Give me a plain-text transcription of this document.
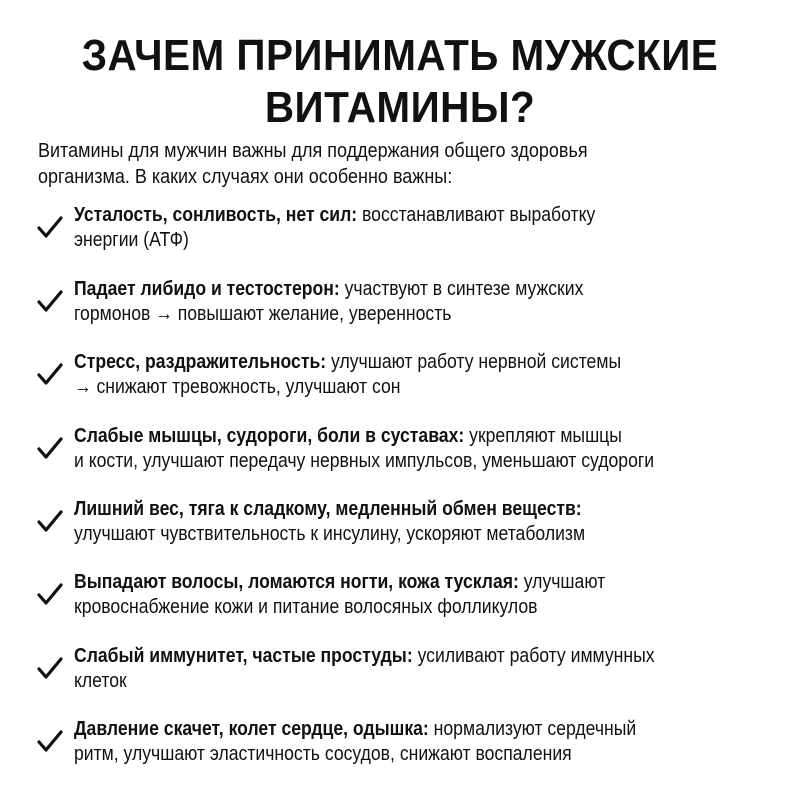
ЗАЧЕМ ПРИНИМАТЬ МУЖСКИЕ
ВИТАМИНЫ?
Витамины для мужчин важны для поддержания общего здоровья
организма. В каких случаях они особенно важны:
Усталость, сонливость, нет сил: восстанавливают выработку
энергии (АТФ)
Падает либидо и тестостерон: участвуют в синтезе мужских
гормонов → повышают желание, уверенность
Стресс, раздражительность: улучшают работу нервной системы
→ снижают тревожность, улучшают сон
Слабые мышцы, судороги, боли в суставах: укрепляют мышцы
и кости, улучшают передачу нервных импульсов, уменьшают судороги
Лишний вес, тяга к сладкому, медленный обмен веществ:
улучшают чувствительность к инсулину, ускоряют метаболизм
Выпадают волосы, ломаются ногти, кожа тусклая: улучшают
кровоснабжение кожи и питание волосяных фолликулов
Слабый иммунитет, частые простуды: усиливают работу иммунных
клеток
Давление скачет, колет сердце, одышка: нормализуют сердечный
ритм, улучшают эластичность сосудов, снижают воспаления
